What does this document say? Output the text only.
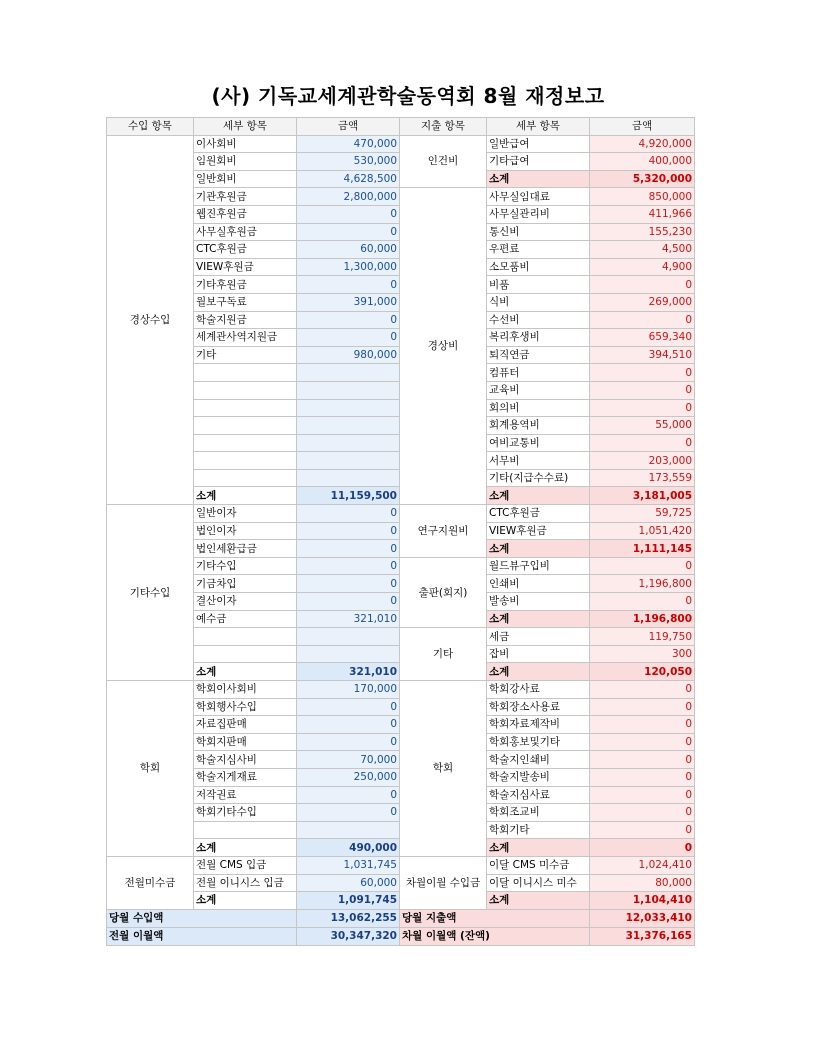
(사) 기독교세계관학술동역회 8월 재정보고
수입 항목	세부 항목	금액	지출 항목	세부 항목	금액
경상수입	이사회비	470,000	인건비	일반급여	4,920,000
	임원회비	530,000		기타급여	400,000
	일반회비	4,628,500		소계	5,320,000
	기관후원금	2,800,000	경상비	사무실임대료	850,000
	웹진후원금	0		사무실관리비	411,966
	사무실후원금	0		통신비	155,230
	CTC후원금	60,000		우편료	4,500
	VIEW후원금	1,300,000		소모품비	4,900
	기타후원금	0		비품	0
	월보구독료	391,000		식비	269,000
	학술지원금	0		수선비	0
	세계관사역지원금	0		복리후생비	659,340
	기타	980,000		퇴직연금	394,510
				컴퓨터	0
				교육비	0
				회의비	0
				회계용역비	55,000
				여비교통비	0
				서무비	203,000
				기타(지급수수료)	173,559
	소계	11,159,500		소계	3,181,005
기타수입	일반이자	0	연구지원비	CTC후원금	59,725
	법인이자	0		VIEW후원금	1,051,420
	법인세환급금	0		소계	1,111,145
	기타수입	0	출판(회지)	월드뷰구입비	0
	기금차입	0		인쇄비	1,196,800
	결산이자	0		발송비	0
	예수금	321,010		소계	1,196,800
			기타	세금	119,750
				잡비	300
	소계	321,010		소계	120,050
학회	학회이사회비	170,000	학회	학회강사료	0
	학회행사수입	0		학회장소사용료	0
	자료집판매	0		학회자료제작비	0
	학회지판매	0		학회홍보및기타	0
	학술지심사비	70,000		학술지인쇄비	0
	학술지게재료	250,000		학술지발송비	0
	저작권료	0		학술지심사료	0
	학회기타수입	0		학회조교비	0
				학회기타	0
	소계	490,000		소계	0
전월미수금	전월 CMS 입금	1,031,745	차월이월 수입금	이달 CMS 미수금	1,024,410
	전월 이니시스 입금	60,000		이달 이니시스 미수	80,000
	소계	1,091,745		소계	1,104,410
당월 수입액		13,062,255	당월 지출액		12,033,410
전월 이월액		30,347,320	차월 이월액 (잔액)		31,376,165
